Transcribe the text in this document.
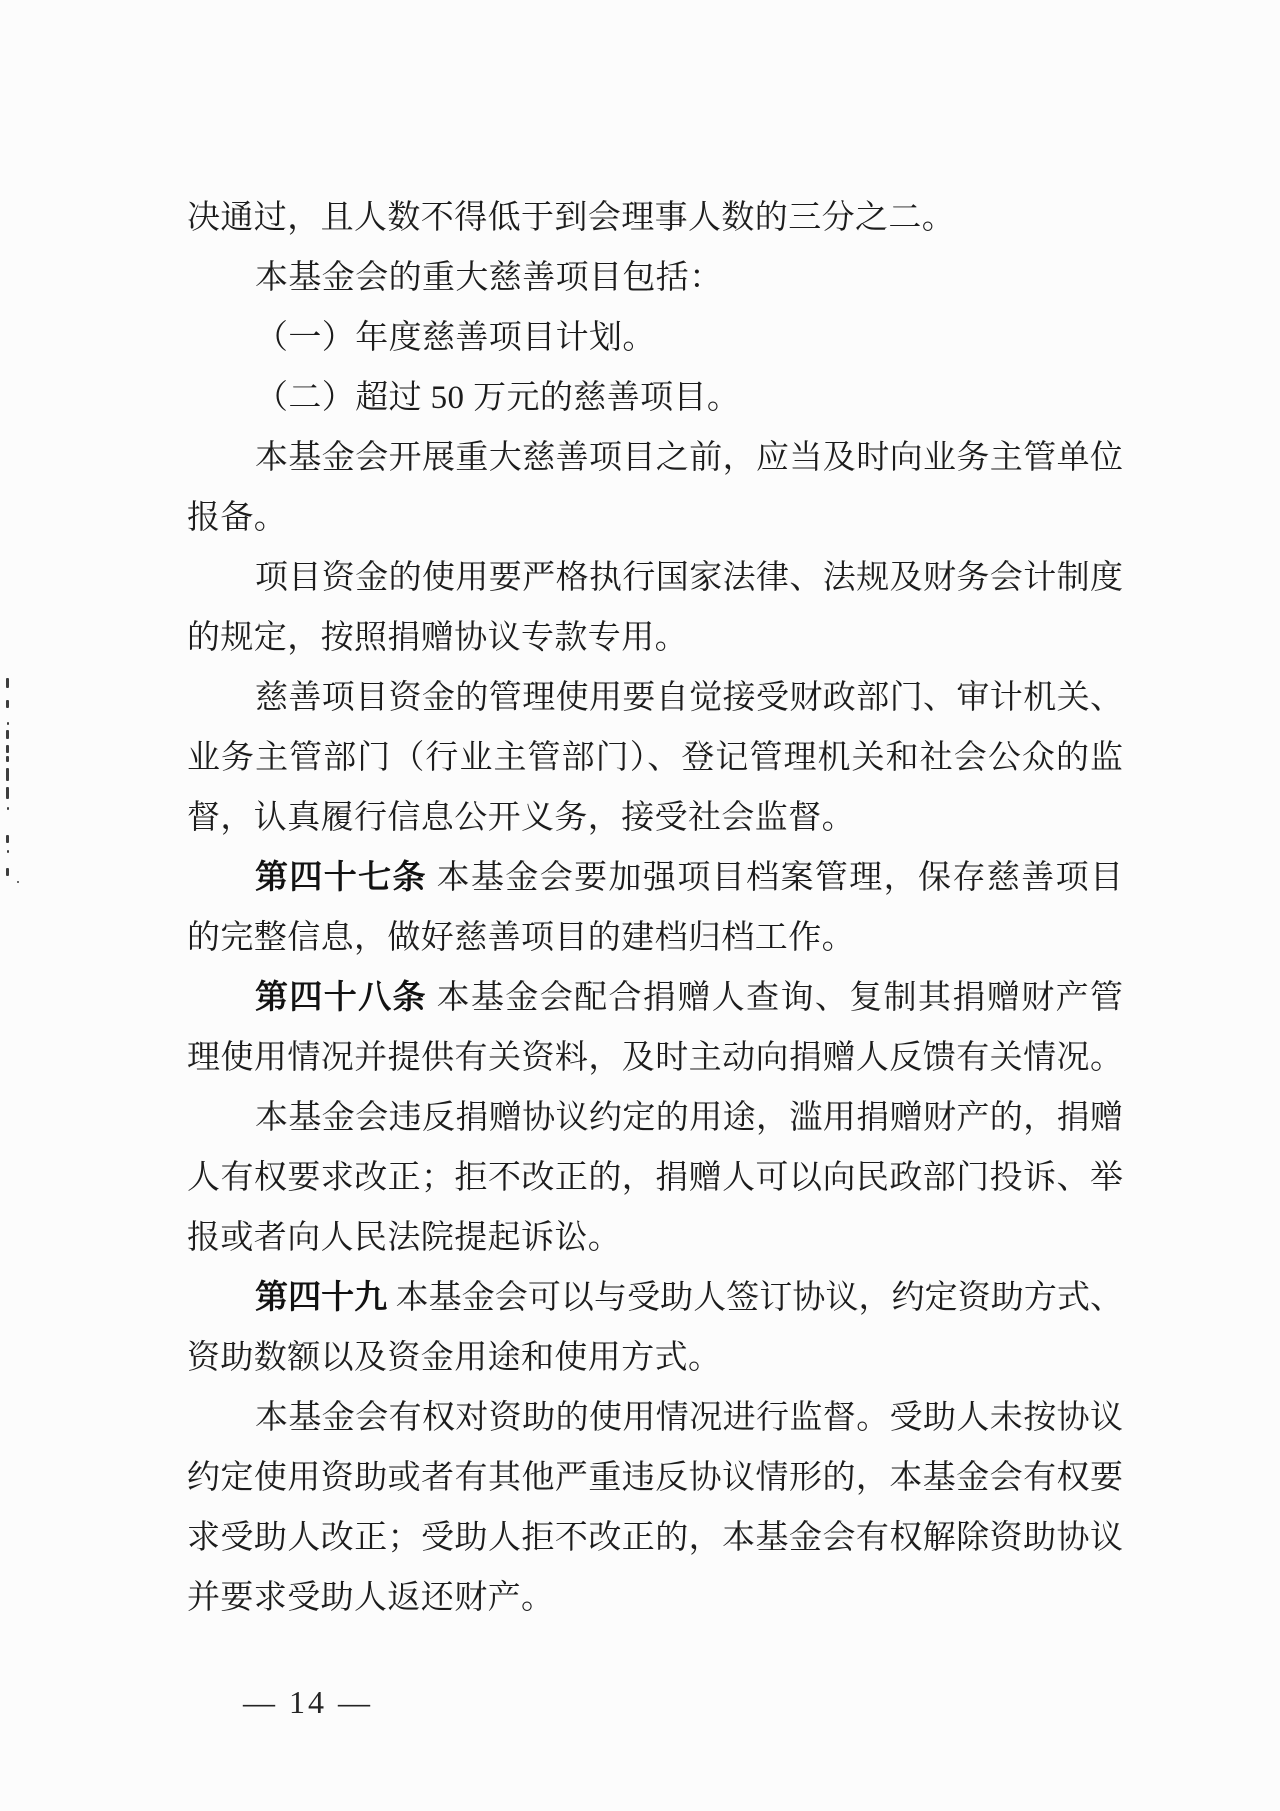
决通过，且人数不得低于到会理事人数的三分之二。
本基金会的重大慈善项目包括：
（一）年度慈善项目计划。
（二）超过 50 万元的慈善项目。
本基金会开展重大慈善项目之前，应当及时向业务主管单位
报备。
项目资金的使用要严格执行国家法律、法规及财务会计制度
的规定，按照捐赠协议专款专用。
慈善项目资金的管理使用要自觉接受财政部门、审计机关、
业务主管部门（行业主管部门）、登记管理机关和社会公众的监
督，认真履行信息公开义务，接受社会监督。
第四十七条 本基金会要加强项目档案管理，保存慈善项目
的完整信息，做好慈善项目的建档归档工作。
第四十八条 本基金会配合捐赠人查询、复制其捐赠财产管
理使用情况并提供有关资料，及时主动向捐赠人反馈有关情况。
本基金会违反捐赠协议约定的用途，滥用捐赠财产的，捐赠
人有权要求改正；拒不改正的，捐赠人可以向民政部门投诉、举
报或者向人民法院提起诉讼。
第四十九 本基金会可以与受助人签订协议，约定资助方式、
资助数额以及资金用途和使用方式。
本基金会有权对资助的使用情况进行监督。受助人未按协议
约定使用资助或者有其他严重违反协议情形的，本基金会有权要
求受助人改正；受助人拒不改正的，本基金会有权解除资助协议
并要求受助人返还财产。
— 14 —
